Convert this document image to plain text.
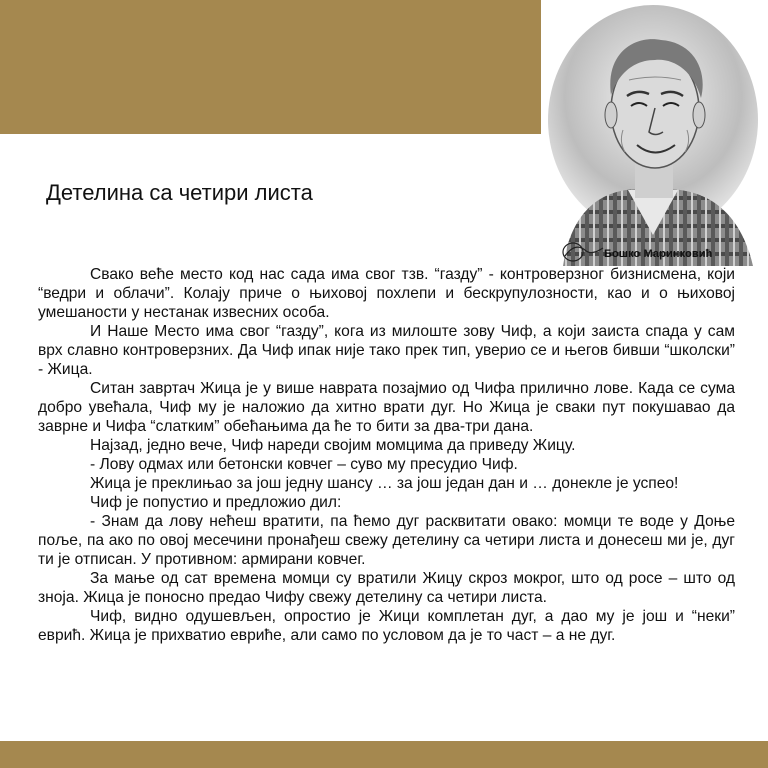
Бошко Маринковић
Детелина са четири листа

Свако веће место код нас сада има свог тзв. “газду” - контроверзног бизнисмена, који “ведри и облачи”. Колају приче о њиховој похлепи и бескрупулозности, као и о њиховој умешаности у нестанак извесних особа.

И Наше Место има свог “газду”, кога из милоште зову Чиф, а који заиста спада у сам врх славно контроверзних. Да Чиф ипак није тако прек тип, уверио се и његов бивши “школски” - Жица.

Ситан завртач Жица је у више наврата позајмио од Чифа прилично лове. Када се сума добро увећала, Чиф му је наложио да хитно врати дуг. Но Жица је сваки пут покушавао да заврне и Чифа “слатким” обећањима да ће то бити за два-три дана.

Најзад, једно вече, Чиф нареди својим момцима да приведу Жицу.

- Лову одмах или бетонски ковчег – суво му пресудио Чиф.

Жица је преклињао за још једну шансу … за још један дан и … донекле је успео!

Чиф је попустио и предложио дил:

- Знам да лову нећеш вратити, па ћемо дуг расквитати овако: момци те воде у Доње поље, па ако по овој месечини пронађеш свежу детелину са четири листа и донесеш ми је, дуг ти је отписан. У противном: армирани ковчег.

За мање од сат времена момци су вратили Жицу скроз мокрог, што од росе – што од зноја. Жица је поносно предао Чифу свежу детелину са четири листа.

Чиф, видно одушевљен, опростио је Жици комплетан дуг, а дао му је још и “неки” еврић. Жица је прихватио евриће, али само по условом да је то част – а не дуг.
